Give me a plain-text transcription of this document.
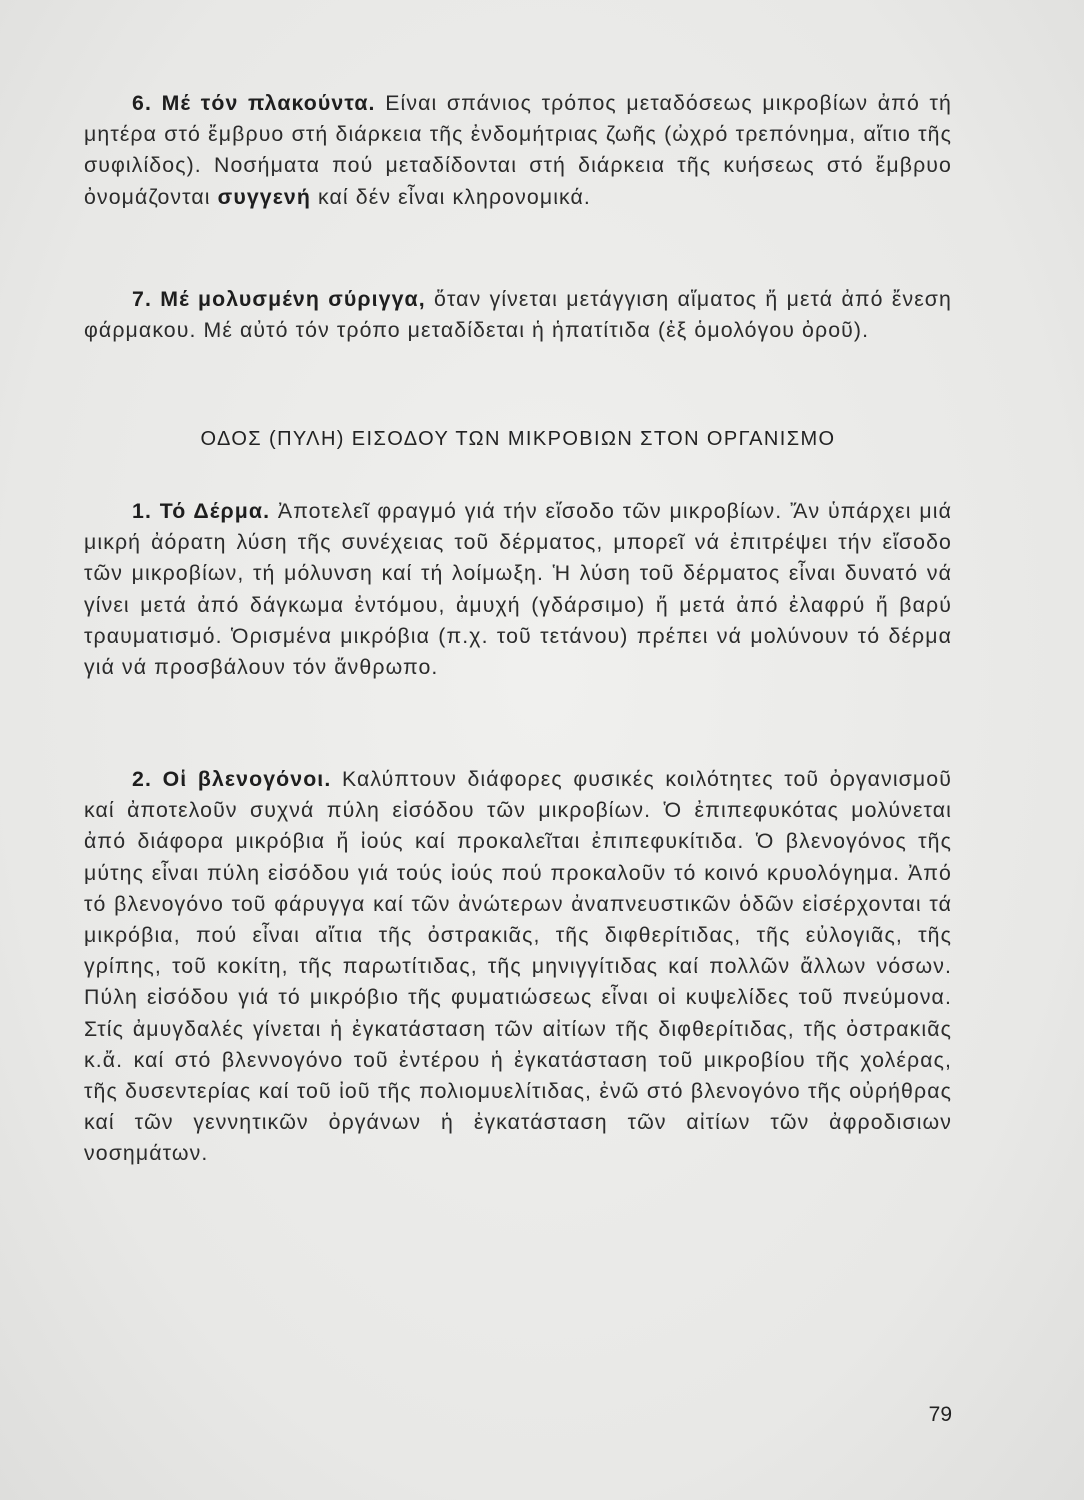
6. Μέ τόν πλακούντα. Είναι σπάνιος τρόπος μεταδόσεως μικροβίων ἀπό τή μητέρα στό ἔμβρυο στή διάρκεια τῆς ἐνδομήτριας ζωῆς (ὠχρό τρεπόνημα, αἴτιο τῆς συφιλίδος). Νοσήματα πού μεταδίδονται στή διάρκεια τῆς κυήσεως στό ἔμβρυο ὀνομάζονται συγγενή καί δέν εἶναι κληρονομικά.

7. Μέ μολυσμένη σύριγγα, ὅταν γίνεται μετάγγιση αἵματος ἤ μετά ἀπό ἔνεση φάρμακου. Μέ αὐτό τόν τρόπο μεταδίδεται ἡ ἡπατίτιδα (ἐξ ὁμολόγου ὀροῦ).

ΟΔΟΣ (ΠΥΛΗ) ΕΙΣΟΔΟΥ ΤΩΝ ΜΙΚΡΟΒΙΩΝ ΣΤΟΝ ΟΡΓΑΝΙΣΜΟ

1. Τό Δέρμα. Ἀποτελεῖ φραγμό γιά τήν εἴσοδο τῶν μικροβίων. Ἄν ὑπάρχει μιά μικρή ἀόρατη λύση τῆς συνέχειας τοῦ δέρματος, μπορεῖ νά ἐπιτρέψει τήν εἴσοδο τῶν μικροβίων, τή μόλυνση καί τή λοίμωξη. Ἡ λύση τοῦ δέρματος εἶναι δυνατό νά γίνει μετά ἀπό δάγκωμα ἐντόμου, ἀμυχή (γδάρσιμο) ἤ μετά ἀπό ἐλαφρύ ἤ βαρύ τραυματισμό. Ὁρισμένα μικρόβια (π.χ. τοῦ τετάνου) πρέπει νά μολύνουν τό δέρμα γιά νά προσβάλουν τόν ἄνθρωπο.

2. Οἱ βλενογόνοι. Καλύπτουν διάφορες φυσικές κοιλότητες τοῦ ὀργανισμοῦ καί ἀποτελοῦν συχνά πύλη εἰσόδου τῶν μικροβίων. Ὁ ἐπιπεφυκότας μολύνεται ἀπό διάφορα μικρόβια ἤ ἰούς καί προκαλεῖται ἐπιπεφυκίτιδα. Ὁ βλενογόνος τῆς μύτης εἶναι πύλη εἰσόδου γιά τούς ἰούς πού προκαλοῦν τό κοινό κρυολόγημα. Ἀπό τό βλενογόνο τοῦ φάρυγγα καί τῶν ἀνώτερων ἀναπνευστικῶν ὁδῶν εἰσέρχονται τά μικρόβια, πού εἶναι αἴτια τῆς ὀστρακιᾶς, τῆς διφθερίτιδας, τῆς εὐλογιᾶς, τῆς γρίπης, τοῦ κοκίτη, τῆς παρωτίτιδας, τῆς μηνιγγίτιδας καί πολλῶν ἄλλων νόσων. Πύλη εἰσόδου γιά τό μικρόβιο τῆς φυματιώσεως εἶναι οἱ κυψελίδες τοῦ πνεύμονα. Στίς ἀμυγδαλές γίνεται ἡ ἐγκατάσταση τῶν αἰτίων τῆς διφθερίτιδας, τῆς ὀστρακιᾶς κ.ἄ. καί στό βλεννογόνο τοῦ ἐντέρου ἡ ἐγκατάσταση τοῦ μικροβίου τῆς χολέρας, τῆς δυσεντερίας καί τοῦ ἰοῦ τῆς πολιομυελίτιδας, ἐνῶ στό βλενογόνο τῆς οὐρήθρας καί τῶν γεννητικῶν ὀργάνων ἡ ἐγκατάσταση τῶν αἰτίων τῶν ἀφροδισιων νοσημάτων.

79
